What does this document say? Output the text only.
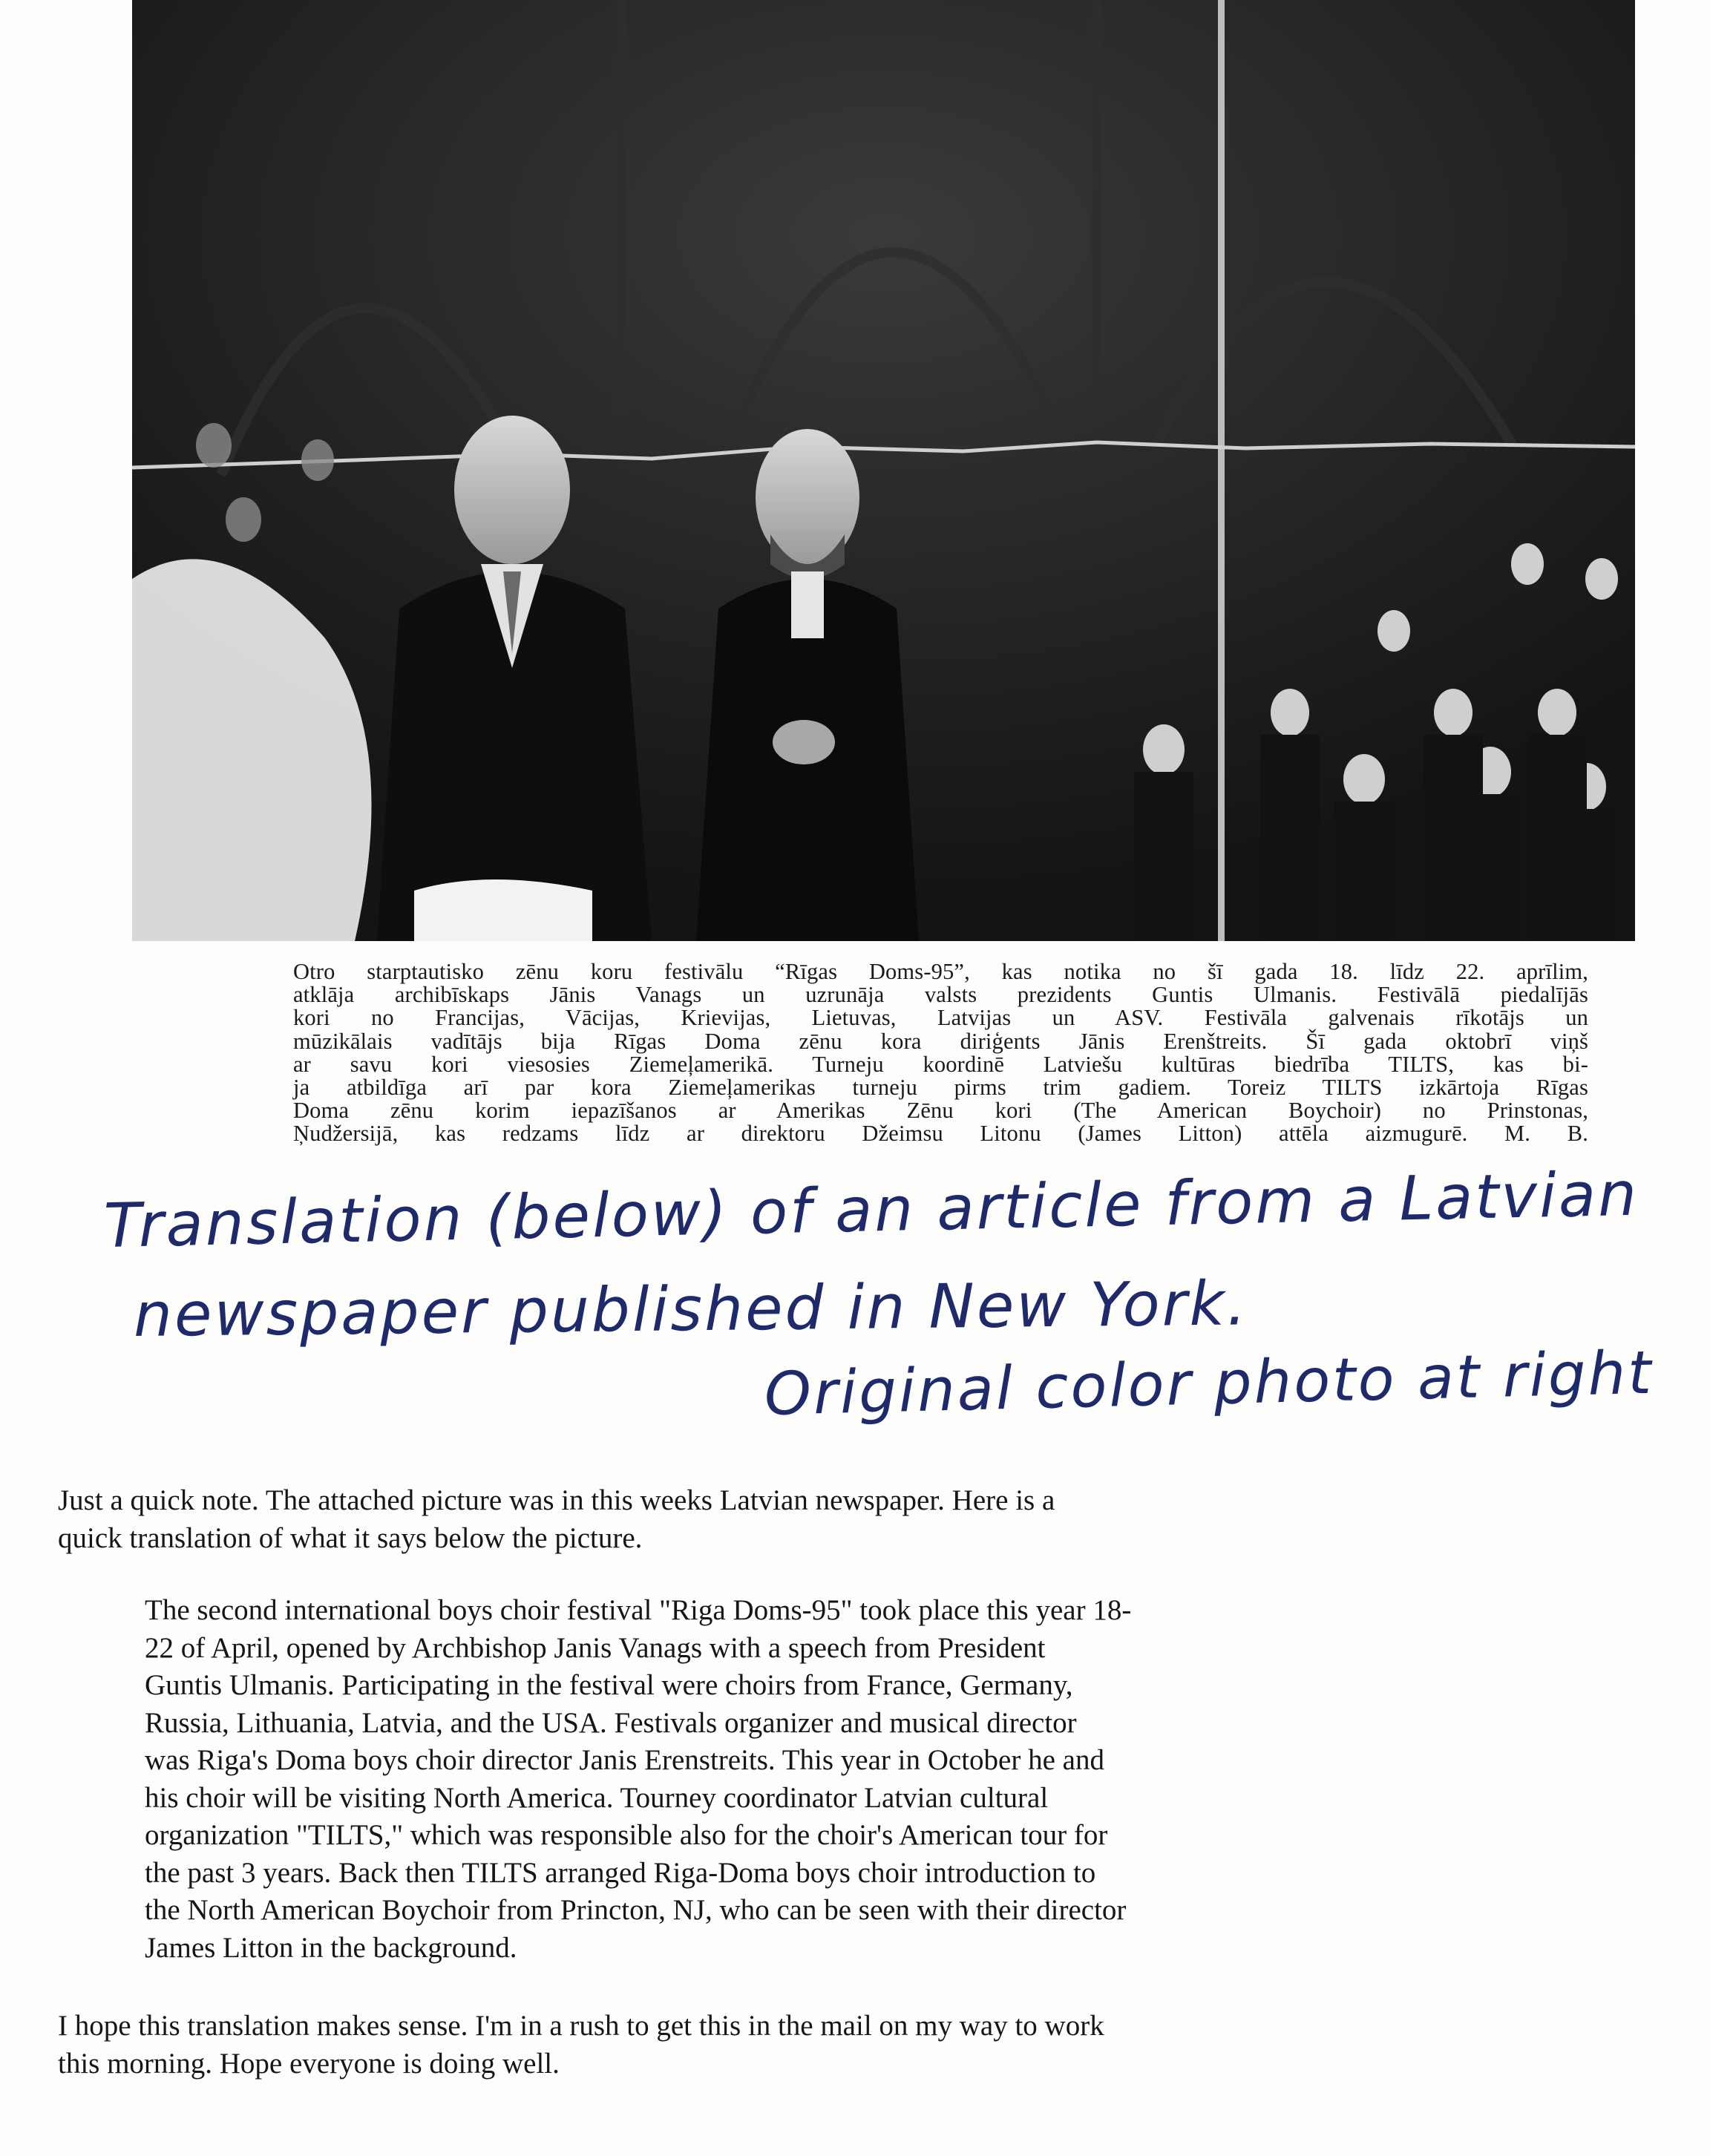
Otro starptautisko zēnu koru festivālu “Rīgas Doms-95”, kas notika no šī gada 18. līdz 22. aprīlim,
atklāja archibīskaps Jānis Vanags un uzrunāja valsts prezidents Guntis Ulmanis. Festivālā piedalījās
kori no Francijas, Vācijas, Krievijas, Lietuvas, Latvijas un ASV. Festivāla galvenais rīkotājs un
mūzikālais vadītājs bija Rīgas Doma zēnu kora diriģents Jānis Erenštreits. Šī gada oktobrī viņš
ar savu kori viesosies Ziemeļamerikā. Turneju koordinē Latviešu kultūras biedrība TILTS, kas bi-
ja atbildīga arī par kora Ziemeļamerikas turneju pirms trim gadiem. Toreiz TILTS izkārtoja Rīgas
Doma zēnu korim iepazīšanos ar Amerikas Zēnu kori (The American Boychoir) no Prinstonas,
Ņudžersijā, kas redzams līdz ar direktoru Džeimsu Litonu (James Litton) attēla aizmugurē. M. B.
Translation (below) of an article from a Latvian
newspaper published in New York.
Original color photo at right
Just a quick note. The attached picture was in this weeks Latvian newspaper. Here is a
quick translation of what it says below the picture.
The second international boys choir festival "Riga Doms-95" took place this year 18-
22 of April, opened by Archbishop Janis Vanags with a speech from President
Guntis Ulmanis. Participating in the festival were choirs from France, Germany,
Russia, Lithuania, Latvia, and the USA. Festivals organizer and musical director
was Riga's Doma boys choir director Janis Erenstreits. This year in October he and
his choir will be visiting North America. Tourney coordinator Latvian cultural
organization "TILTS," which was responsible also for the choir's American tour for
the past 3 years. Back then TILTS arranged Riga-Doma boys choir introduction to
the North American Boychoir from Princton, NJ, who can be seen with their director
James Litton in the background.
I hope this translation makes sense. I'm in a rush to get this in the mail on my way to work
this morning. Hope everyone is doing well.
